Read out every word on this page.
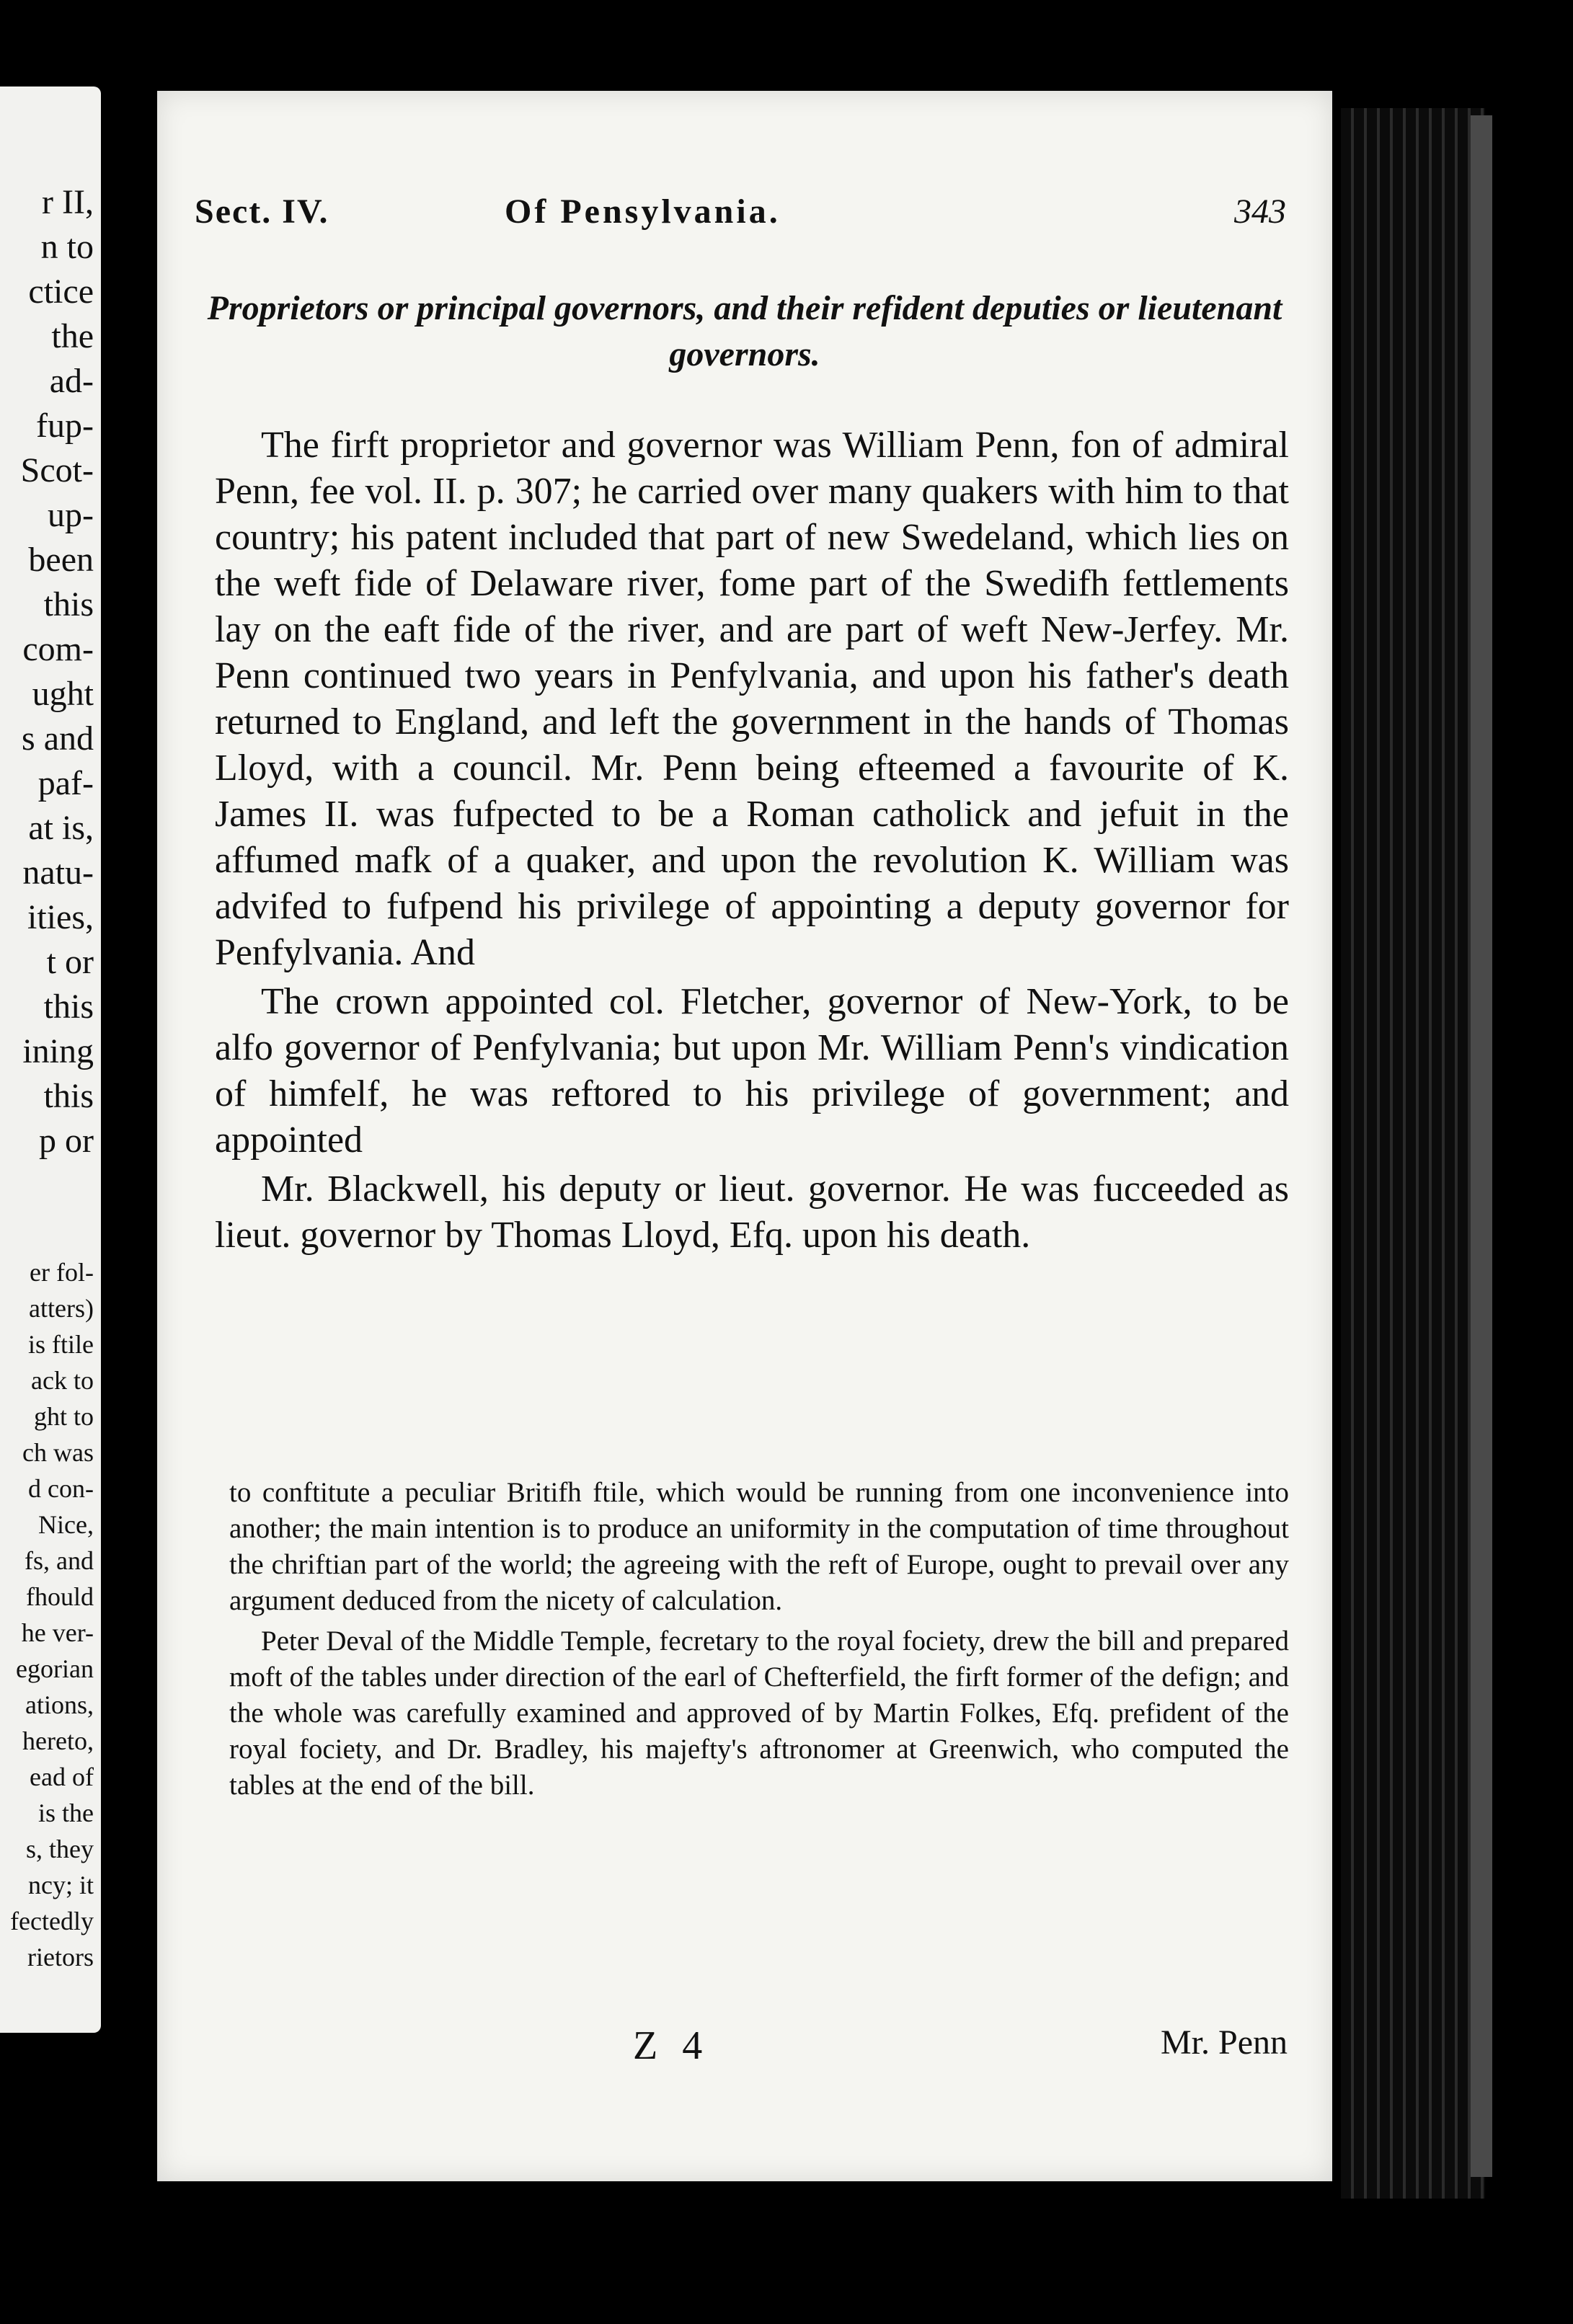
r II,
n to
ctice
the
ad-
fup-
Scot-
up-
been
this
com-
ught
s and
paf-
at is,
natu-
ities,
t or
this
ining
this
p or
er fol-
atters)
is ftile
ack to
ght to
ch was
d con-
Nice,
fs, and
fhould
he ver-
egorian
ations,
hereto,
ead of
is the
s, they
ncy; it
fectedly
rietors
Sect. IV.	Of Pensylvania.	343
Proprietors or principal governors, and their refident deputies or lieutenant governors.

The firft proprietor and governor was William Penn, fon of admiral Penn, fee vol. II. p. 307; he carried over many quakers with him to that country; his patent included that part of new Swedeland, which lies on the weft fide of Delaware river, fome part of the Swedifh fettlements lay on the eaft fide of the river, and are part of weft New-Jerfey. Mr. Penn continued two years in Penfylvania, and upon his father's death returned to England, and left the government in the hands of Thomas Lloyd, with a council. Mr. Penn being efteemed a favourite of K. James II. was fufpected to be a Roman catholick and jefuit in the affumed mafk of a quaker, and upon the revolution K. William was advifed to fufpend his privilege of appointing a deputy governor for Penfylvania. And

The crown appointed col. Fletcher, governor of New-York, to be alfo governor of Penfylvania; but upon Mr. William Penn's vindication of himfelf, he was reftored to his privilege of government; and appointed

Mr. Blackwell, his deputy or lieut. governor. He was fucceeded as lieut. governor by Thomas Lloyd, Efq. upon his death.

to conftitute a peculiar Britifh ftile, which would be running from one inconvenience into another; the main intention is to produce an uniformity in the computation of time throughout the chriftian part of the world; the agreeing with the reft of Europe, ought to prevail over any argument deduced from the nicety of calculation.

Peter Deval of the Middle Temple, fecretary to the royal fociety, drew the bill and prepared moft of the tables under direction of the earl of Chefterfield, the firft former of the defign; and the whole was carefully examined and approved of by Martin Folkes, Efq. prefident of the royal fociety, and Dr. Bradley, his majefty's aftronomer at Greenwich, who computed the tables at the end of the bill.

Z 4	Mr. Penn
